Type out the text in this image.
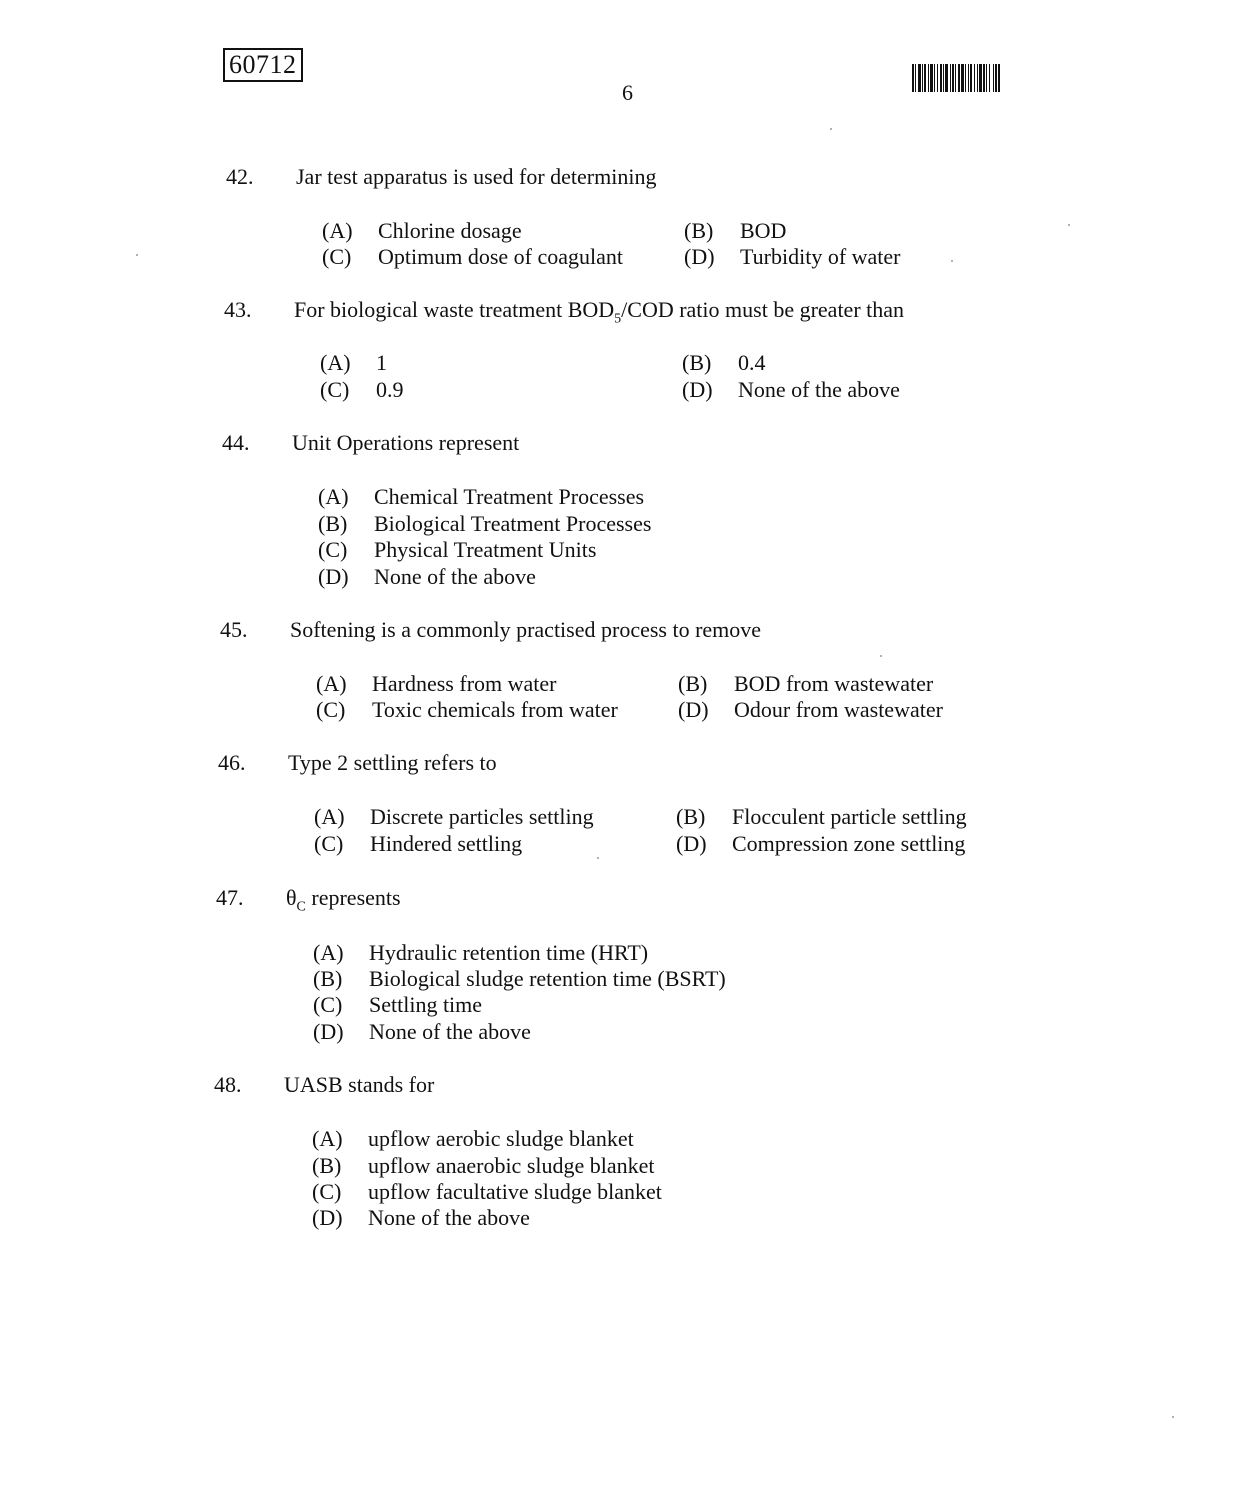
60712
6
42. Jar test apparatus is used for determining
(A) Chlorine dosage	(B) BOD
(C) Optimum dose of coagulant	(D) Turbidity of water
43. For biological waste treatment $BOD_5$/COD ratio must be greater than
(A) 1	(B) 0.4
(C) 0.9	(D) None of the above
44. Unit Operations represent
(A) Chemical Treatment Processes
(B) Biological Treatment Processes
(C) Physical Treatment Units
(D) None of the above
45. Softening is a commonly practised process to remove
(A) Hardness from water	(B) BOD from wastewater
(C) Toxic chemicals from water	(D) Odour from wastewater
46. Type 2 settling refers to
(A) Discrete particles settling	(B) Flocculent particle settling
(C) Hindered settling	(D) Compression zone settling
47. $\theta_C$ represents
(A) Hydraulic retention time (HRT)
(B) Biological sludge retention time (BSRT)
(C) Settling time
(D) None of the above
48. UASB stands for
(A) upflow aerobic sludge blanket
(B) upflow anaerobic sludge blanket
(C) upflow facultative sludge blanket
(D) None of the above
